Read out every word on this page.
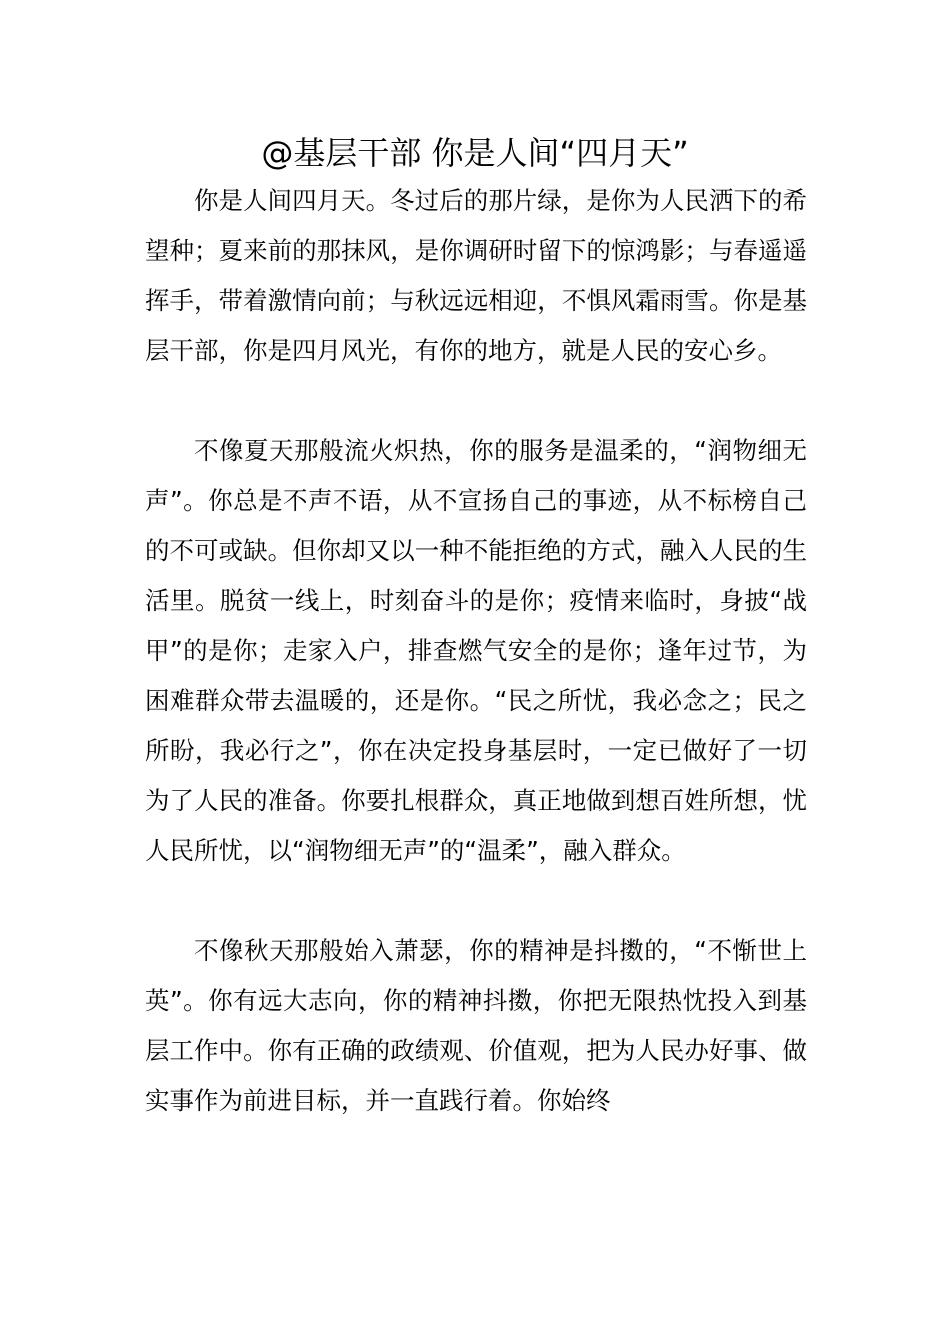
@基层干部 你是人间“四月天”

你是人间四月天。冬过后的那片绿，是你为人民洒下的希望种；夏来前的那抹风，是你调研时留下的惊鸿影；与春遥遥挥手，带着激情向前；与秋远远相迎，不惧风霜雨雪。你是基层干部，你是四月风光，有你的地方，就是人民的安心乡。

不像夏天那般流火炽热，你的服务是温柔的，“润物细无声”。你总是不声不语，从不宣扬自己的事迹，从不标榜自己的不可或缺。但你却又以一种不能拒绝的方式，融入人民的生活里。脱贫一线上，时刻奋斗的是你；疫情来临时，身披“战甲”的是你；走家入户，排查燃气安全的是你；逢年过节，为困难群众带去温暖的，还是你。“民之所忧，我必念之；民之所盼，我必行之”，你在决定投身基层时，一定已做好了一切为了人民的准备。你要扎根群众，真正地做到想百姓所想，忧人民所忧，以“润物细无声”的“温柔”，融入群众。

不像秋天那般始入萧瑟，你的精神是抖擞的，“不惭世上英”。你有远大志向，你的精神抖擞，你把无限热忱投入到基层工作中。你有正确的政绩观、价值观，把为人民办好事、做实事作为前进目标，并一直践行着。你始终
